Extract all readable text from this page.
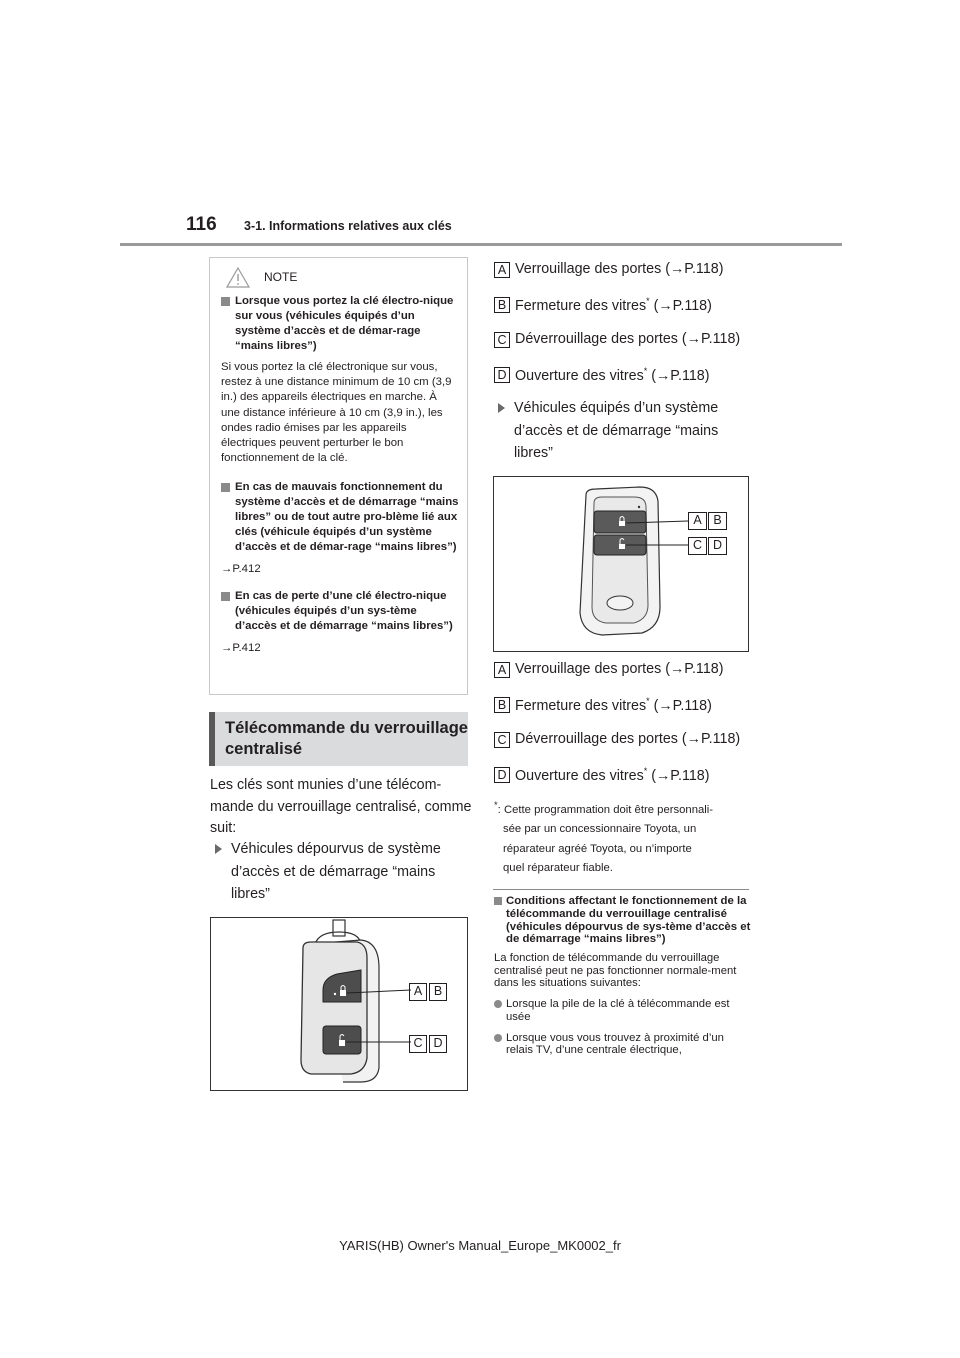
116 3-1. Informations relatives aux clés
NOTE
Lorsque vous portez la clé électro-nique sur vous (véhicules équipés d’un système d’accès et de démar-rage “mains libres”)
Si vous portez la clé électronique sur vous, restez à une distance minimum de 10 cm (3,9 in.) des appareils électriques en marche. À une distance inférieure à 10 cm (3,9 in.), les ondes radio émises par les appareils électriques peuvent perturber le bon fonctionnement de la clé.
En cas de mauvais fonctionnement du système d’accès et de démarrage “mains libres” ou de tout autre pro-blème lié aux clés (véhicule équipés d’un système d’accès et de démar-rage “mains libres”)
→P.412
En cas de perte d’une clé électro-nique (véhicules équipés d’un sys-tème d’accès et de démarrage “mains libres”)
→P.412
Télécommande du verrouillage
centralisé
Les clés sont munies d’une télécom-mande du verrouillage centralisé, comme suit:
Véhicules dépourvus de système
d’accès et de démarrage “mains
libres”
A B
C D
A Verrouillage des portes (→P.118)
B Fermeture des vitres* (→P.118)
C Déverrouillage des portes (→P.118)
D Ouverture des vitres* (→P.118)
Véhicules équipés d’un système
d’accès et de démarrage “mains
libres”
A B
C D
A Verrouillage des portes (→P.118)
B Fermeture des vitres* (→P.118)
C Déverrouillage des portes (→P.118)
D Ouverture des vitres* (→P.118)
*: Cette programmation doit être personnali-
sée par un concessionnaire Toyota, un
réparateur agréé Toyota, ou n’importe
quel réparateur fiable.
Conditions affectant le fonctionnement de la télécommande du verrouillage centralisé (véhicules dépourvus de sys-tème d’accès et de démarrage “mains libres”)
La fonction de télécommande du verrouillage centralisé peut ne pas fonctionner normale-ment dans les situations suivantes:
Lorsque la pile de la clé à télécommande est usée
Lorsque vous vous trouvez à proximité d’un relais TV, d’une centrale électrique,
YARIS(HB) Owner's Manual_Europe_MK0002_fr
